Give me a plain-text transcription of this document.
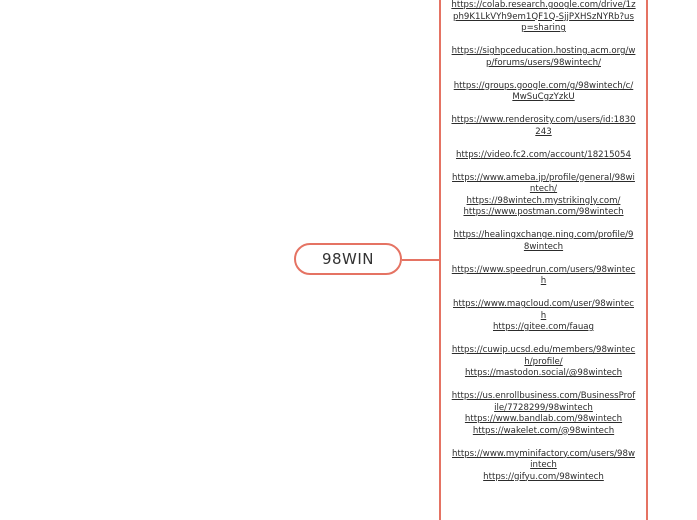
98WIN
https://colab.research.google.com/drive/1zph9K1LkVYh9em1QF1Q-SjjPXHSzNYRb?usp=sharing
https://sighpceducation.hosting.acm.org/wp/forums/users/98wintech/
https://groups.google.com/g/98wintech/c/MwSuCgzYzkU
https://www.renderosity.com/users/id:1830243
https://video.fc2.com/account/18215054
https://www.ameba.jp/profile/general/98wintech/
https://98wintech.mystrikingly.com/
https://www.postman.com/98wintech
https://healingxchange.ning.com/profile/98wintech
https://www.speedrun.com/users/98wintech
https://www.magcloud.com/user/98wintech
https://gitee.com/fauag
https://cuwip.ucsd.edu/members/98wintech/profile/
https://mastodon.social/@98wintech
https://us.enrollbusiness.com/BusinessProfile/7728299/98wintech
https://www.bandlab.com/98wintech
https://wakelet.com/@98wintech
https://www.myminifactory.com/users/98wintech
https://gifyu.com/98wintech
